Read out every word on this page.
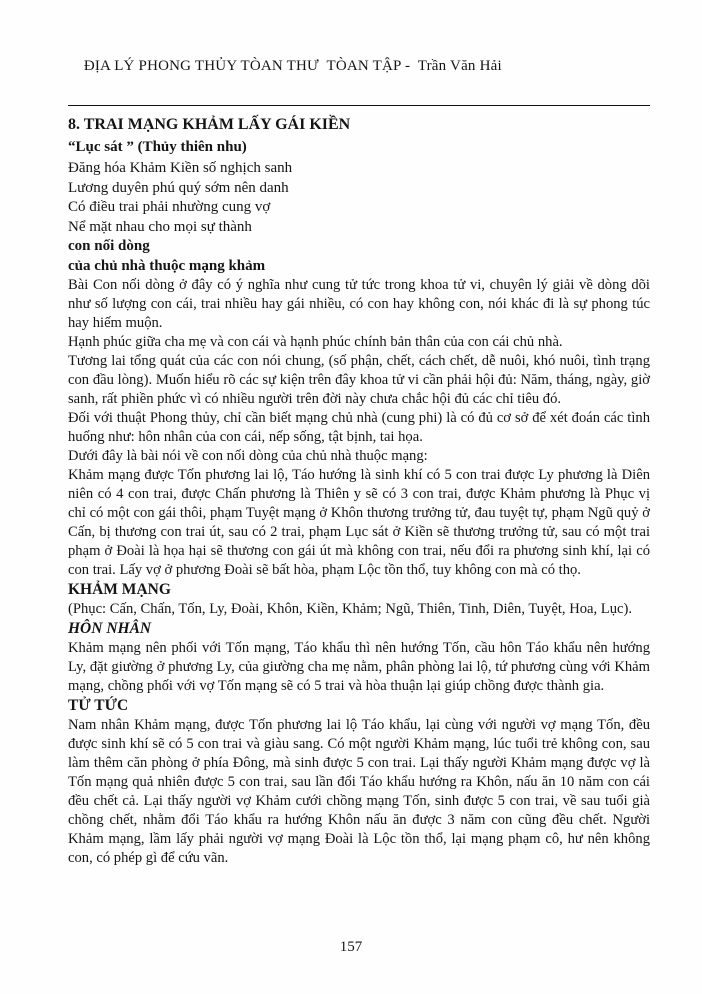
ĐỊA LÝ PHONG THỦY TÒAN THƯ  TÒAN TẬP -  Trần Văn Hải

8. TRAI MẠNG KHẢM LẤY GÁI KIỀN
“Lục sát ” (Thủy thiên nhu)
Đăng hóa Khảm Kiền số nghịch sanh
Lương duyên phú quý sớm nên danh
Có điều trai phải nhường cung vợ
Nể mặt nhau cho mọi sự thành
con nối dòng
của chủ nhà thuộc mạng khảm

Bài Con nối dòng ở đây có ý nghĩa như cung tử tức trong khoa tử vi, chuyên lý giải về dòng dõi như số lượng con cái, trai nhiều hay gái nhiều, có con hay không con, nói khác đi là sự phong túc hay hiếm muộn.

Hạnh phúc giữa cha mẹ và con cái và hạnh phúc chính bản thân của con cái chủ nhà.

Tương lai tổng quát của các con nói chung, (số phận, chết, cách chết, dễ nuôi, khó nuôi, tình trạng con đầu lòng). Muốn hiểu rõ các sự kiện trên đây khoa tử vi cần phải hội đủ: Năm, tháng, ngày, giờ sanh, rất phiền phức vì có nhiều người trên đời này chưa chắc hội đủ các chỉ tiêu đó.

Đối với thuật Phong thủy, chỉ cần biết mạng chủ nhà (cung phi) là có đủ cơ sở để xét đoán các tình huống như: hôn nhân của con cái, nếp sống, tật bịnh, tai họa.

Dưới đây là bài nói về con nối dòng của chủ nhà thuộc mạng:

Khảm mạng được Tốn phương lai lộ, Táo hướng là sinh khí có 5 con trai được Ly phương là Diên niên có 4 con trai, được Chấn phương là Thiên y sẽ có 3 con trai, được Khảm phương là Phục vị chỉ có một con gái thôi, phạm Tuyệt mạng ở Khôn thương trưởng tử, đau tuyệt tự, phạm Ngũ quỷ ở Cấn, bị thương con trai út, sau có 2 trai, phạm Lục sát ở Kiền sẽ thương trưởng tử, sau có một trai phạm ở Đoài là họa hại sẽ thương con gái út mà không con trai, nếu đổi ra phương sinh khí, lại có con trai. Lấy vợ ở phương Đoài sẽ bất hòa, phạm Lộc tồn thổ, tuy không con mà có thọ.

KHẢM MẠNG

(Phục: Cấn, Chấn, Tốn, Ly, Đoài, Khôn, Kiền, Khảm; Ngũ, Thiên, Tinh, Diên, Tuyệt, Hoa, Lục).

HÔN NHÂN

Khảm mạng nên phối với Tốn mạng, Táo khẩu thì nên hướng Tốn, cầu hôn Táo khẩu nên hướng Ly, đặt giường ở phương Ly, của giường cha mẹ nằm, phân phòng lai lộ, tứ phương cùng với Khảm mạng, chồng phối với vợ Tốn mạng sẽ có 5 trai và hòa thuận lại giúp chồng được thành gia.

TỬ TỨC

Nam nhân Khảm mạng, được Tốn phương lai lộ Táo khẩu, lại cùng với người vợ mạng Tốn, đều được sinh khí sẽ có 5 con trai và giàu sang. Có một người Khảm mạng, lúc tuổi trẻ không con, sau làm thêm căn phòng ở phía Đông, mà sinh được 5 con trai. Lại thấy người Khảm mạng được vợ là Tốn mạng quả nhiên được 5 con trai, sau lần đổi Táo khẩu hướng ra Khôn, nấu ăn 10 năm con cái đều chết cả. Lại thấy người vợ Khảm cưới chồng mạng Tốn, sinh được 5 con trai, về sau tuổi già chồng chết, nhằm đổi Táo khẩu ra hướng Khôn nấu ăn được 3 năm con cũng đều chết. Người Khảm mạng, lầm lấy phải người vợ mạng Đoài là Lộc tồn thổ, lại mạng phạm cô, hư nên không con, có phép gì để cứu vãn.

157
